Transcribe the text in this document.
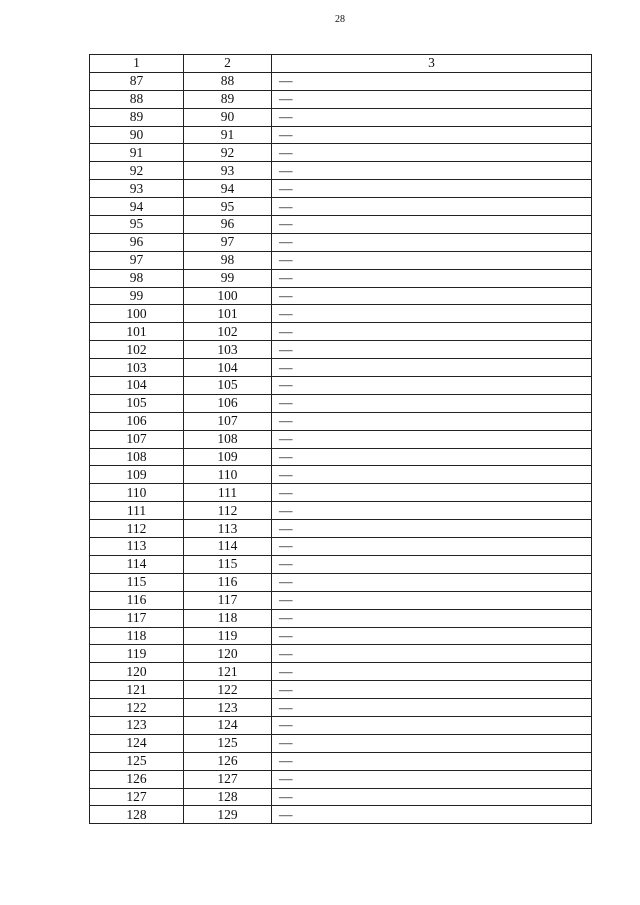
28
1	2	3
87	88	—
88	89	—
89	90	—
90	91	—
91	92	—
92	93	—
93	94	—
94	95	—
95	96	—
96	97	—
97	98	—
98	99	—
99	100	—
100	101	—
101	102	—
102	103	—
103	104	—
104	105	—
105	106	—
106	107	—
107	108	—
108	109	—
109	110	—
110	111	—
111	112	—
112	113	—
113	114	—
114	115	—
115	116	—
116	117	—
117	118	—
118	119	—
119	120	—
120	121	—
121	122	—
122	123	—
123	124	—
124	125	—
125	126	—
126	127	—
127	128	—
128	129	—
